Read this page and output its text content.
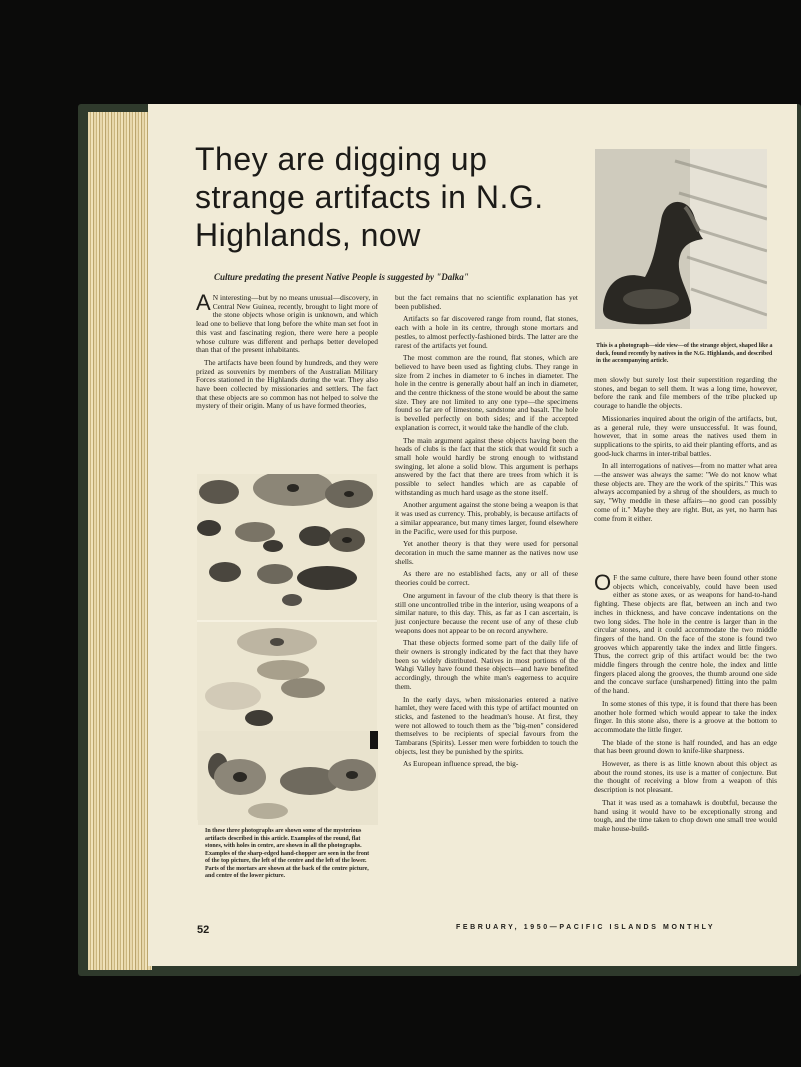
They are digging up strange artifacts in N.G. Highlands, now
This is a photograph—side view—of the strange object, shaped like a duck, found recently by natives in the N.G. Highlands, and described in the accompanying article.
Culture predating the present Native People is suggested by "Dalka"

A N interesting—but by no means unusual—discovery, in Central New Guinea, recently, brought to light more of the stone objects whose origin is unknown, and which lead one to believe that long before the white man set foot in this vast and fascinating region, there were here a people whose culture was different and perhaps better developed than that of the present inhabitants.

The artifacts have been found by hundreds, and they were prized as souvenirs by members of the Australian Military Forces stationed in the Highlands during the war. They also have been collected by missionaries and settlers. The fact that these objects are so common has not helped to solve the mystery of their origin. Many of us have formed theories,

In these three photographs are shown some of the mysterious artifacts described in this article. Examples of the round, flat stones, with holes in centre, are shown in all the photographs. Examples of the sharp-edged hand-chopper are seen in the front of the top picture, the left of the centre and the left of the lower. Parts of the mortars are shown at the back of the centre picture, and centre of the lower picture.

but the fact remains that no scientific explanation has yet been published.

Artifacts so far discovered range from round, flat stones, each with a hole in its centre, through stone mortars and pestles, to almost perfectly-fashioned birds. The latter are the rarest of the artifacts yet found.

The most common are the round, flat stones, which are believed to have been used as fighting clubs. They range in size from 2 inches in diameter to 6 inches in diameter. The hole in the centre is generally about half an inch in diameter, and the centre thickness of the stone would be about the same size. They are not limited to any one type—the specimens found so far are of limestone, sandstone and basalt. The hole is bevelled perfectly on both sides; and if the accepted explanation is correct, it would take the handle of the club.

The main argument against these objects having been the heads of clubs is the fact that the stick that would fit such a small hole would hardly be strong enough to withstand swinging, let alone a solid blow. This argument is perhaps answered by the fact that there are trees from which it is possible to select handles which are as capable of withstanding as much hard usage as the stone itself.

Another argument against the stone being a weapon is that it was used as currency. This, probably, is because artifacts of a similar appearance, but many times larger, found elsewhere in the Pacific, were used for this purpose.

Yet another theory is that they were used for personal decoration in much the same manner as the natives now use shells.

As there are no established facts, any or all of these theories could be correct.

One argument in favour of the club theory is that there is still one uncontrolled tribe in the interior, using weapons of a similar nature, to this day. This, as far as I can ascertain, is just conjecture because the recent use of any of these club weapons does not appear to be on record anywhere.

That these objects formed some part of the daily life of their owners is strongly indicated by the fact that they have been so widely distributed. Natives in most portions of the Wahgi Valley have found these objects—and have benefited accordingly, through the white man's eagerness to acquire them.

In the early days, when missionaries entered a native hamlet, they were faced with this type of artifact mounted on sticks, and fastened to the headman's house. At first, they were not allowed to touch them as the "big-men" considered themselves to be recipients of special favours from the Tambarans (Spirits). Lesser men were forbidden to touch the objects, lest they be punished by the spirits.

As European influence spread, the big-

men slowly but surely lost their superstition regarding the stones, and began to sell them. It was a long time, however, before the rank and file members of the tribe plucked up courage to handle the objects.

Missionaries inquired about the origin of the artifacts, but, as a general rule, they were unsuccessful. It was found, however, that in some areas the natives used them in supplications to the spirits, to aid their planting efforts, and as good-luck charms in inter-tribal battles.

In all interrogations of natives—from no matter what area—the answer was always the same: "We do not know what these objects are. They are the work of the spirits." This was always accompanied by a shrug of the shoulders, as much to say, "Why meddle in these affairs—no good can possibly come of it." Maybe they are right. But, as yet, no harm has come from it either.

O F the same culture, there have been found other stone objects which, conceivably, could have been used either as stone axes, or as weapons for hand-to-hand fighting. These objects are flat, between an inch and two inches in thickness, and have concave indentations on the two long sides. The hole in the centre is larger than in the circular stones, and it could accommodate the two middle fingers of the hand. On the face of the stone is found two grooves which apparently take the index and little fingers. Thus, the correct grip of this artifact would be: the two middle fingers through the centre hole, the index and little fingers placed along the grooves, the thumb around one side and the concave surface (unsharpened) fitting into the palm of the hand.

In some stones of this type, it is found that there has been another hole formed which would appear to take the index finger. In this stone also, there is a groove at the bottom to accommodate the little finger.

The blade of the stone is half rounded, and has an edge that has been ground down to knife-like sharpness.

However, as there is as little known about this object as about the round stones, its use is a matter of conjecture. But the thought of receiving a blow from a weapon of this description is not pleasant.

That it was used as a tomahawk is doubtful, because the hand using it would have to be exceptionally strong and tough, and the time taken to chop down one small tree would make house-build-

52	FEBRUARY, 1950—PACIFIC ISLANDS MONTHLY
